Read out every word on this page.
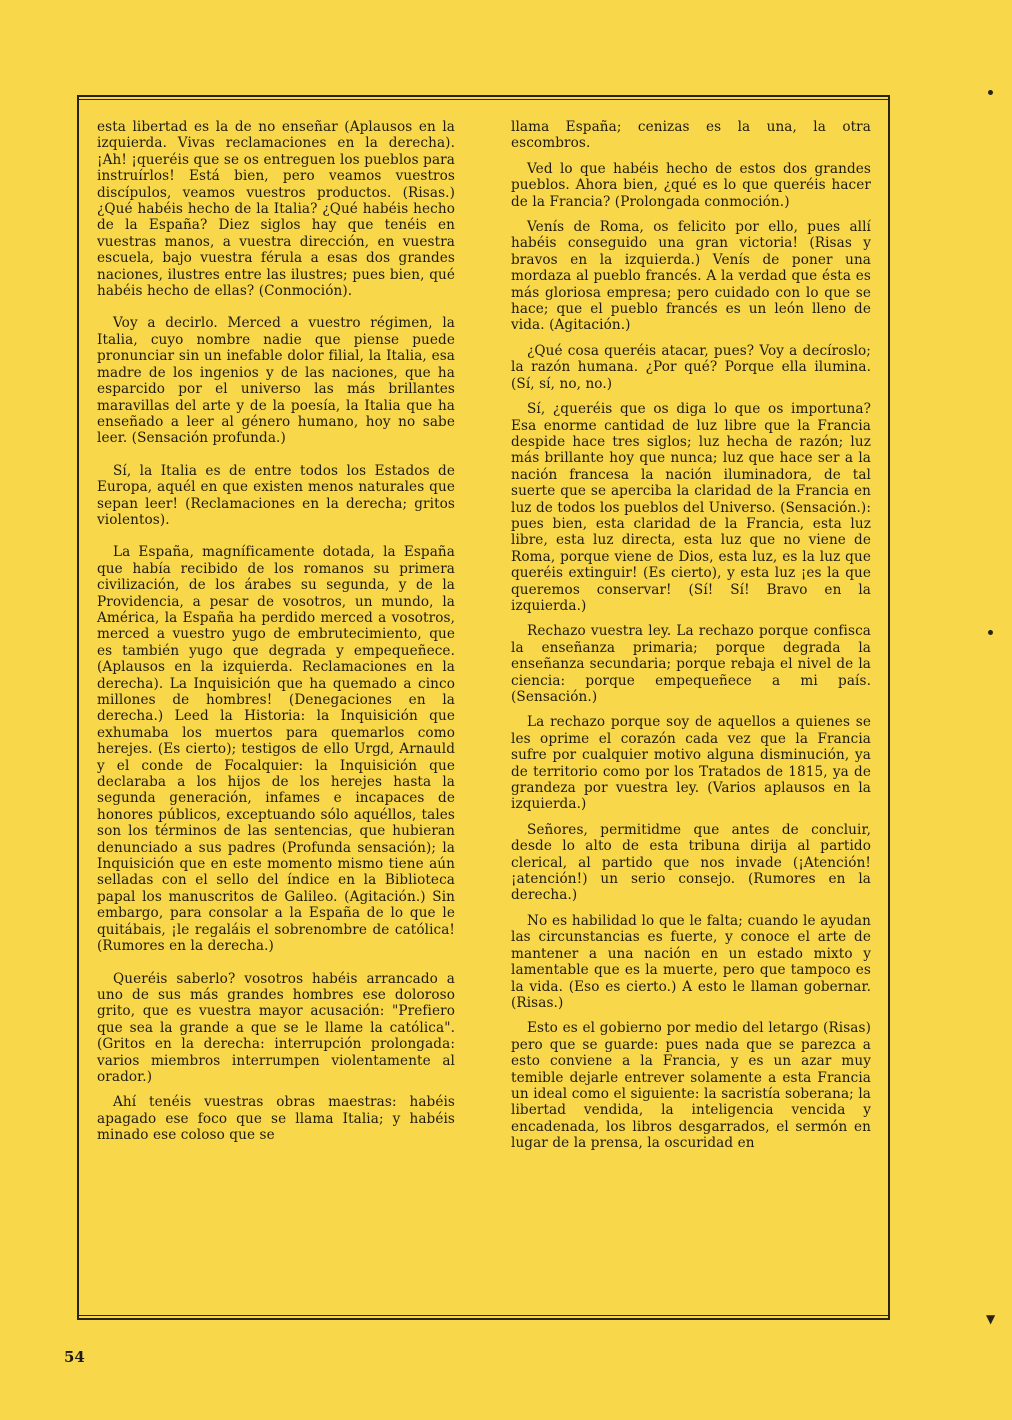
esta libertad es la de no enseñar (Aplausos en la izquierda. Vivas reclamaciones en la derecha). ¡Ah! ¡queréis que se os entreguen los pueblos para instruírlos! Está bien, pero veamos vuestros discípulos, veamos vuestros productos. (Risas.) ¿Qué habéis hecho de la Italia? ¿Qué habéis hecho de la España? Diez siglos hay que tenéis en vuestras manos, a vuestra dirección, en vuestra escuela, bajo vuestra férula a esas dos grandes naciones, ilustres entre las ilustres; pues bien, qué habéis hecho de ellas? (Conmoción).

Voy a decirlo. Merced a vuestro régimen, la Italia, cuyo nombre nadie que piense puede pronunciar sin un inefable dolor filial, la Italia, esa madre de los ingenios y de las naciones, que ha esparcido por el universo las más brillantes maravillas del arte y de la poesía, la Italia que ha enseñado a leer al género humano, hoy no sabe leer. (Sensación profunda.)

Sí, la Italia es de entre todos los Estados de Europa, aquél en que existen menos naturales que sepan leer! (Reclamaciones en la derecha; gritos violentos).

La España, magníficamente dotada, la España que había recibido de los romanos su primera civilización, de los árabes su segunda, y de la Providencia, a pesar de vosotros, un mundo, la América, la España ha perdido merced a vosotros, merced a vuestro yugo de embrutecimiento, que es también yugo que degrada y empequeñece. (Aplausos en la izquierda. Reclamaciones en la derecha). La Inquisición que ha quemado a cinco millones de hombres! (Denegaciones en la derecha.) Leed la Historia: la Inquisición que exhumaba los muertos para quemarlos como herejes. (Es cierto); testigos de ello Urgd, Arnauld y el conde de Focalquier: la Inquisición que declaraba a los hijos de los herejes hasta la segunda generación, infames e incapaces de honores públicos, exceptuando sólo aquéllos, tales son los términos de las sentencias, que hubieran denunciado a sus padres (Profunda sensación); la Inquisición que en este momento mismo tiene aún selladas con el sello del índice en la Biblioteca papal los manuscritos de Galileo. (Agitación.) Sin embargo, para consolar a la España de lo que le quitábais, ¡le regaláis el sobrenombre de católica! (Rumores en la derecha.)

Queréis saberlo? vosotros habéis arrancado a uno de sus más grandes hombres ese doloroso grito, que es vuestra mayor acusación: "Prefiero que sea la grande a que se le llame la católica". (Gritos en la derecha: interrupción prolongada: varios miembros interrumpen violentamente al orador.)

Ahí tenéis vuestras obras maestras: habéis apagado ese foco que se llama Italia; y habéis minado ese coloso que se

llama España; cenizas es la una, la otra escombros.

Ved lo que habéis hecho de estos dos grandes pueblos. Ahora bien, ¿qué es lo que queréis hacer de la Francia? (Prolongada conmoción.)

Venís de Roma, os felicito por ello, pues allí habéis conseguido una gran victoria! (Risas y bravos en la izquierda.) Venís de poner una mordaza al pueblo francés. A la verdad que ésta es más gloriosa empresa; pero cuidado con lo que se hace; que el pueblo francés es un león lleno de vida. (Agitación.)

¿Qué cosa queréis atacar, pues? Voy a decíroslo; la razón humana. ¿Por qué? Porque ella ilumina. (Sí, sí, no, no.)

Sí, ¿queréis que os diga lo que os importuna? Esa enorme cantidad de luz libre que la Francia despide hace tres siglos; luz hecha de razón; luz más brillante hoy que nunca; luz que hace ser a la nación francesa la nación iluminadora, de tal suerte que se aperciba la claridad de la Francia en luz de todos los pueblos del Universo. (Sensación.): pues bien, esta claridad de la Francia, esta luz libre, esta luz directa, esta luz que no viene de Roma, porque viene de Dios, esta luz, es la luz que queréis extinguir! (Es cierto), y esta luz ¡es la que queremos conservar! (Sí! Sí! Bravo en la izquierda.)

Rechazo vuestra ley. La rechazo porque confisca la enseñanza primaria; porque degrada la enseñanza secundaria; porque rebaja el nivel de la ciencia: porque empequeñece a mi país. (Sensación.)

La rechazo porque soy de aquellos a quienes se les oprime el corazón cada vez que la Francia sufre por cualquier motivo alguna disminución, ya de territorio como por los Tratados de 1815, ya de grandeza por vuestra ley. (Varios aplausos en la izquierda.)

Señores, permitidme que antes de concluir, desde lo alto de esta tribuna dirija al partido clerical, al partido que nos invade (¡Atención! ¡atención!) un serio consejo. (Rumores en la derecha.)

No es habilidad lo que le falta; cuando le ayudan las circunstancias es fuerte, y conoce el arte de mantener a una nación en un estado mixto y lamentable que es la muerte, pero que tampoco es la vida. (Eso es cierto.) A esto le llaman gobernar. (Risas.)

Esto es el gobierno por medio del letargo (Risas) pero que se guarde: pues nada que se parezca a esto conviene a la Francia, y es un azar muy temible dejarle entrever solamente a esta Francia un ideal como el siguiente: la sacristía soberana; la libertad vendida, la inteligencia vencida y encadenada, los libros desgarrados, el sermón en lugar de la prensa, la oscuridad en

54
▼
